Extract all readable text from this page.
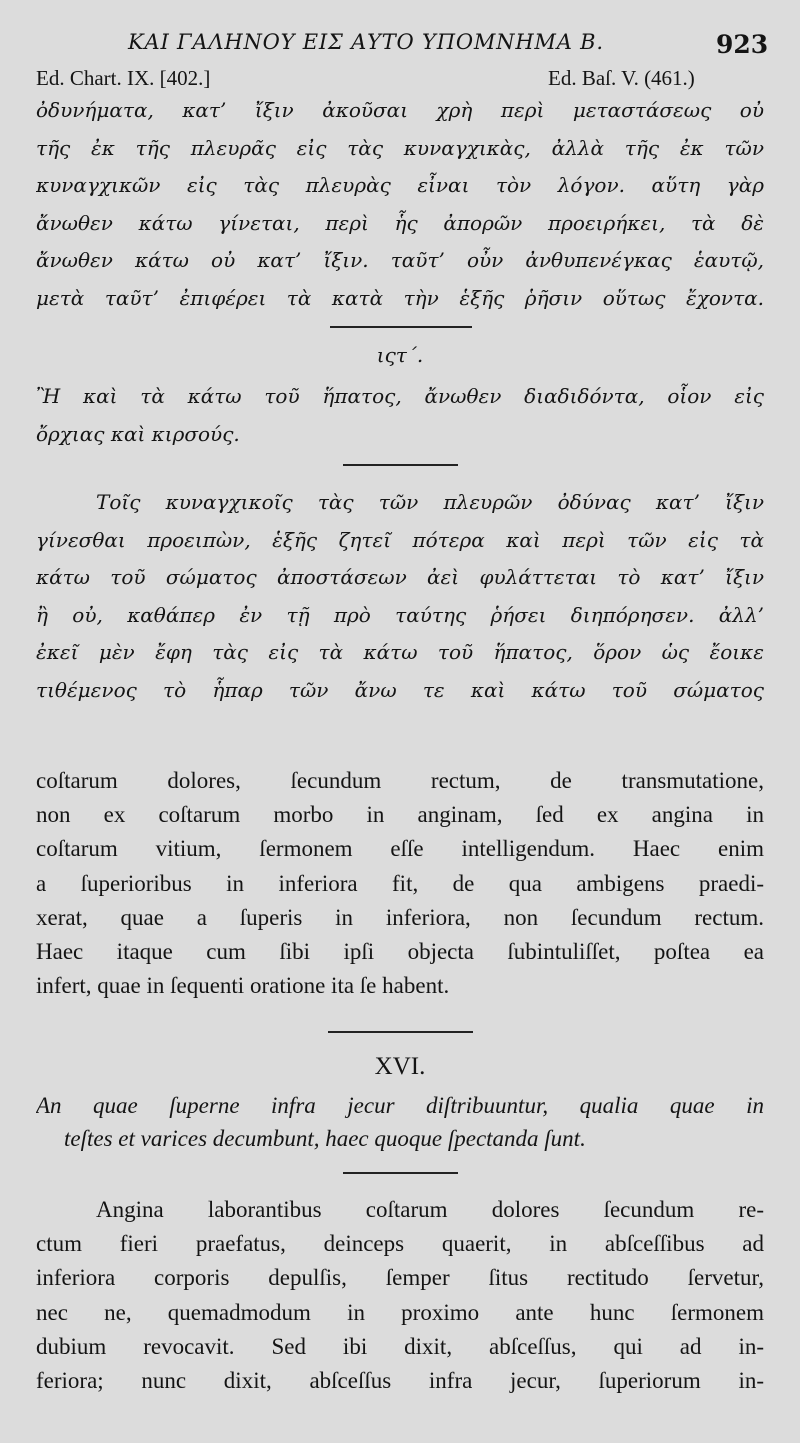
ΚΑΙ ΓΑΛΗΝΟΥ ΕΙΣ ΑΥΤΟ ΥΠΟΜΝΗΜΑ Β.	923
Ed. Chart. IX. [402.]	Ed. Baſ. V. (461.)
ὀδυνήματα, κατ’ ἴξιν ἀκοῦσαι χρὴ περὶ μεταστάσεως οὐ
τῆς ἐκ τῆς πλευρᾶς εἰς τὰς κυναγχικὰς, ἀλλὰ τῆς ἐκ τῶν
κυναγχικῶν εἰς τὰς πλευρὰς εἶναι τὸν λόγον. αὕτη γὰρ
ἄνωθεν κάτω γίνεται, περὶ ἧς ἀπορῶν προειρήκει, τὰ δὲ
ἄνωθεν κάτω οὐ κατ’ ἴξιν. ταῦτ’ οὖν ἀνθυπενέγκας ἑαυτῷ,
μετὰ ταῦτ’ ἐπιφέρει τὰ κατὰ τὴν ἑξῆς ῥῆσιν οὕτως ἔχοντα.
ιςτ΄.
Ἢ καὶ τὰ κάτω τοῦ ἥπατος, ἄνωθεν διαδιδόντα, οἷον εἰς
ὄρχιας καὶ κιρσούς.
Τοῖς κυναγχικοῖς τὰς τῶν πλευρῶν ὀδύνας κατ’ ἴξιν
γίνεσθαι προειπὼν, ἑξῆς ζητεῖ πότερα καὶ περὶ τῶν εἰς τὰ
κάτω τοῦ σώματος ἀποστάσεων ἀεὶ φυλάττεται τὸ κατ’ ἴξιν
ἢ οὐ, καθάπερ ἐν τῇ πρὸ ταύτης ῥήσει διηπόρησεν. ἀλλ’
ἐκεῖ μὲν ἔφη τὰς εἰς τὰ κάτω τοῦ ἥπατος, ὅρον ὡς ἔοικε
τιθέμενος τὸ ἧπαρ τῶν ἄνω τε καὶ κάτω τοῦ σώματος
coſtarum dolores, ſecundum rectum, de transmutatione,
non ex coſtarum morbo in anginam, ſed ex angina in
coſtarum vitium, ſermonem eſſe intelligendum. Haec enim
a ſuperioribus in inferiora fit, de qua ambigens praedi-
xerat, quae a ſuperis in inferiora, non ſecundum rectum.
Haec itaque cum ſibi ipſi objecta ſubintuliſſet, poſtea ea
infert, quae in ſequenti oratione ita ſe habent.
XVI.
An quae ſuperne infra jecur diſtribuuntur, qualia quae in
teſtes et varices decumbunt, haec quoque ſpectanda ſunt.
Angina laborantibus coſtarum dolores ſecundum re-
ctum fieri praefatus, deinceps quaerit, in abſceſſibus ad
inferiora corporis depulſis, ſemper ſitus rectitudo ſervetur,
nec ne, quemadmodum in proximo ante hunc ſermonem
dubium revocavit. Sed ibi dixit, abſceſſus, qui ad in-
feriora; nunc dixit, abſceſſus infra jecur, ſuperiorum in-
